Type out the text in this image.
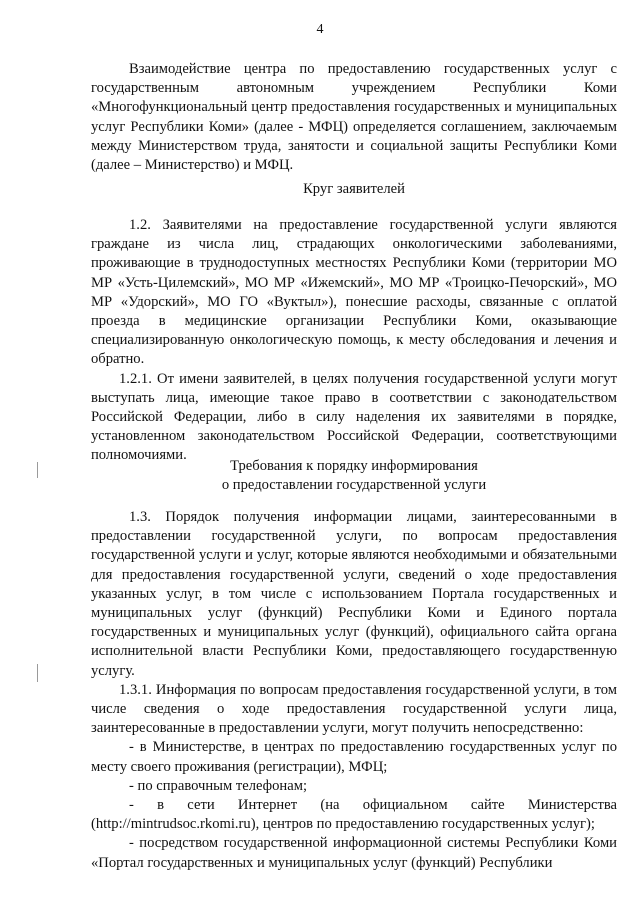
4

Взаимодействие центра по предоставлению государственных услуг с государственным автономным учреждением Республики Коми «Многофункциональный центр предоставления государственных и муниципальных услуг Республики Коми» (далее - МФЦ) определяется соглашением, заключаемым между Министерством труда, занятости и социальной защиты Республики Коми (далее – Министерство) и МФЦ.

Круг заявителей

1.2. Заявителями на предоставление государственной услуги являются граждане из числа лиц, страдающих онкологическими заболеваниями, проживающие в труднодоступных местностях Республики Коми (территории МО МР «Усть-Цилемский», МО МР «Ижемский», МО МР «Троицко-Печорский», МО МР «Удорский», МО ГО «Вуктыл»), понесшие расходы, связанные с оплатой проезда в медицинские организации Республики Коми, оказывающие специализированную онкологическую помощь, к месту обследования и лечения и обратно.

1.2.1. От имени заявителей, в целях получения государственной услуги могут выступать лица, имеющие такое право в соответствии с законодательством Российской Федерации, либо в силу наделения их заявителями в порядке, установленном законодательством Российской Федерации, соответствующими полномочиями.

Требования к порядку информирования
о предоставлении государственной услуги

1.3. Порядок получения информации лицами, заинтересованными в предоставлении государственной услуги, по вопросам предоставления государственной услуги и услуг, которые являются необходимыми и обязательными для предоставления государственной услуги, сведений о ходе предоставления указанных услуг, в том числе с использованием Портала государственных и муниципальных услуг (функций) Республики Коми и Единого портала государственных и муниципальных услуг (функций), официального сайта органа исполнительной власти Республики Коми, предоставляющего государственную услугу.

1.3.1. Информация по вопросам предоставления государственной услуги, в том числе сведения о ходе предоставления государственной услуги лица, заинтересованные в предоставлении услуги, могут получить непосредственно:

- в Министерстве, в центрах по предоставлению государственных услуг по месту своего проживания (регистрации), МФЦ;

- по справочным телефонам;

- в сети Интернет (на официальном сайте Министерства (http://mintrudsoc.rkomi.ru), центров по предоставлению государственных услуг);

- посредством государственной информационной системы Республики Коми «Портал государственных и муниципальных услуг (функций) Республики
